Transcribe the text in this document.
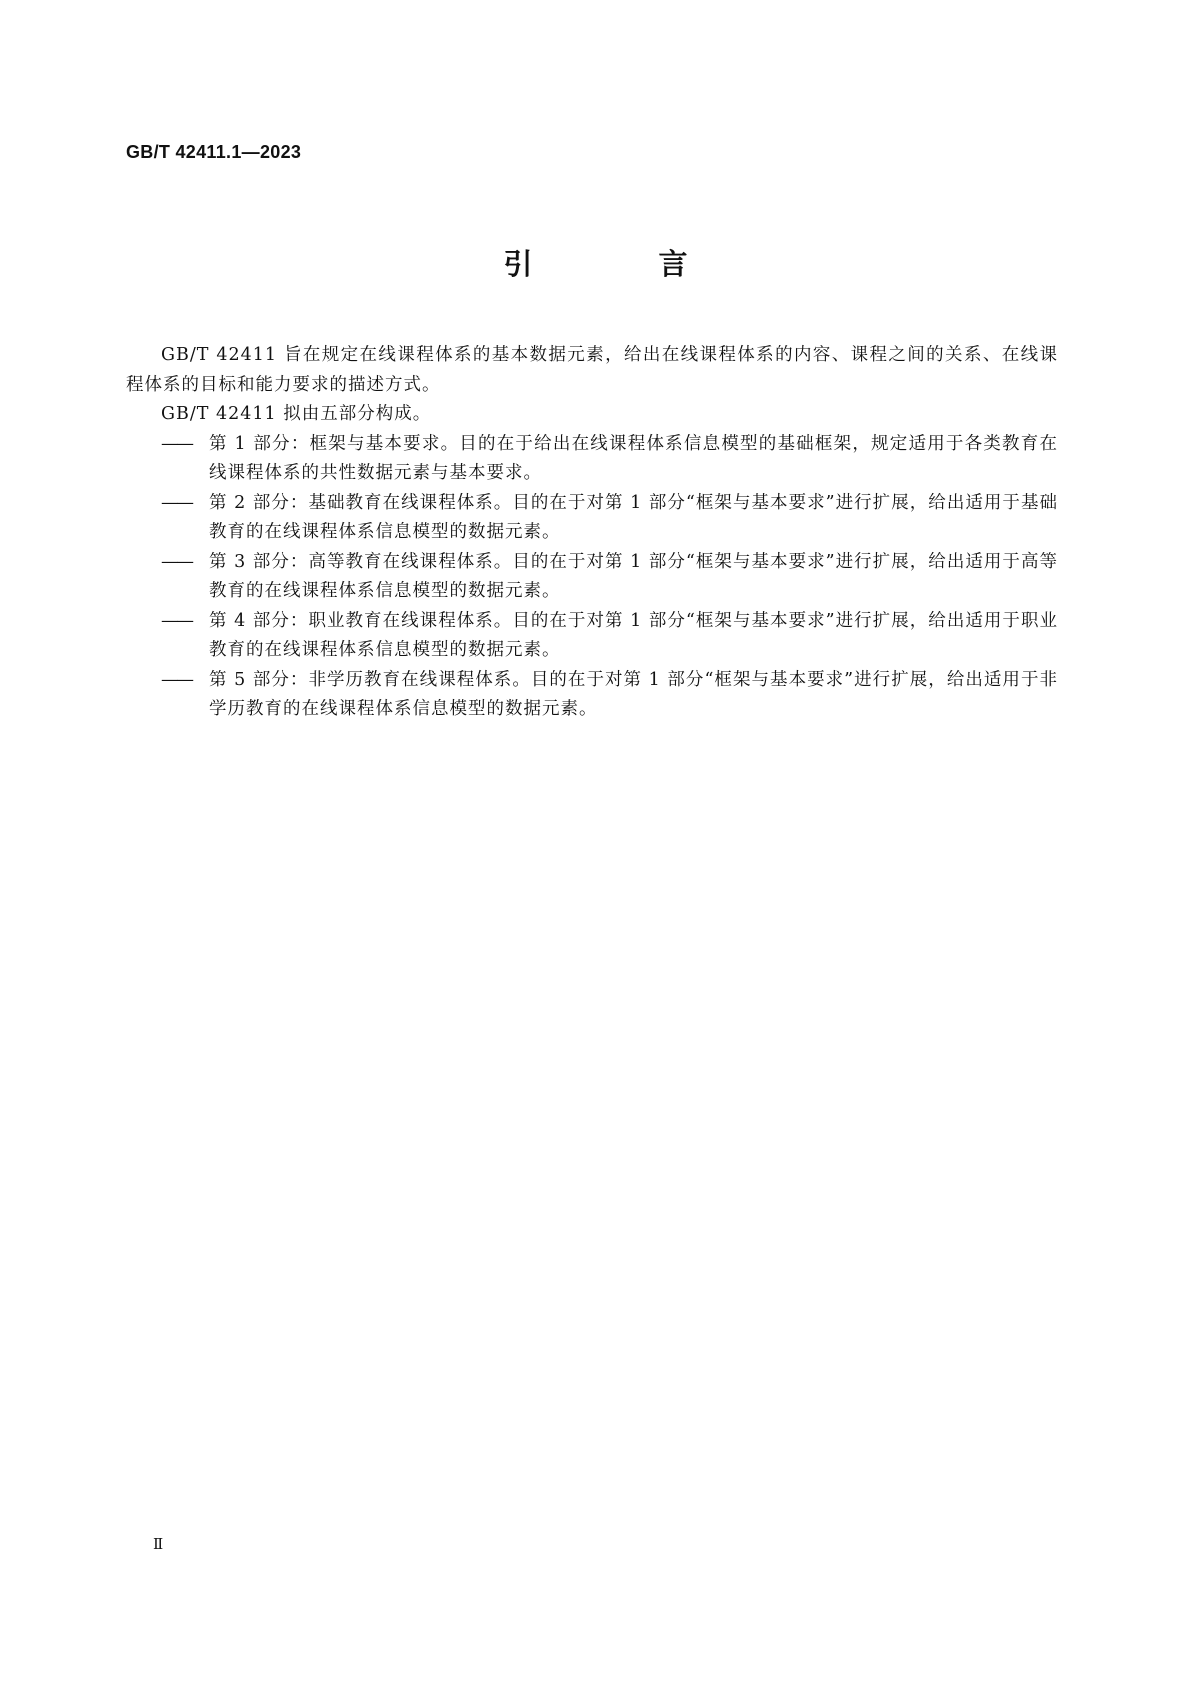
GB/T 42411.1—2023
引 言

GB/T 42411 旨在规定在线课程体系的基本数据元素，给出在线课程体系的内容、课程之间的关系、在线课程体系的目标和能力要求的描述方式。

GB/T 42411 拟由五部分构成。

—— 第 1 部分：框架与基本要求。目的在于给出在线课程体系信息模型的基础框架，规定适用于各类教育在线课程体系的共性数据元素与基本要求。

—— 第 2 部分：基础教育在线课程体系。目的在于对第 1 部分“框架与基本要求”进行扩展，给出适用于基础教育的在线课程体系信息模型的数据元素。

—— 第 3 部分：高等教育在线课程体系。目的在于对第 1 部分“框架与基本要求”进行扩展，给出适用于高等教育的在线课程体系信息模型的数据元素。

—— 第 4 部分：职业教育在线课程体系。目的在于对第 1 部分“框架与基本要求”进行扩展，给出适用于职业教育的在线课程体系信息模型的数据元素。

—— 第 5 部分：非学历教育在线课程体系。目的在于对第 1 部分“框架与基本要求”进行扩展，给出适用于非学历教育的在线课程体系信息模型的数据元素。

Ⅱ
